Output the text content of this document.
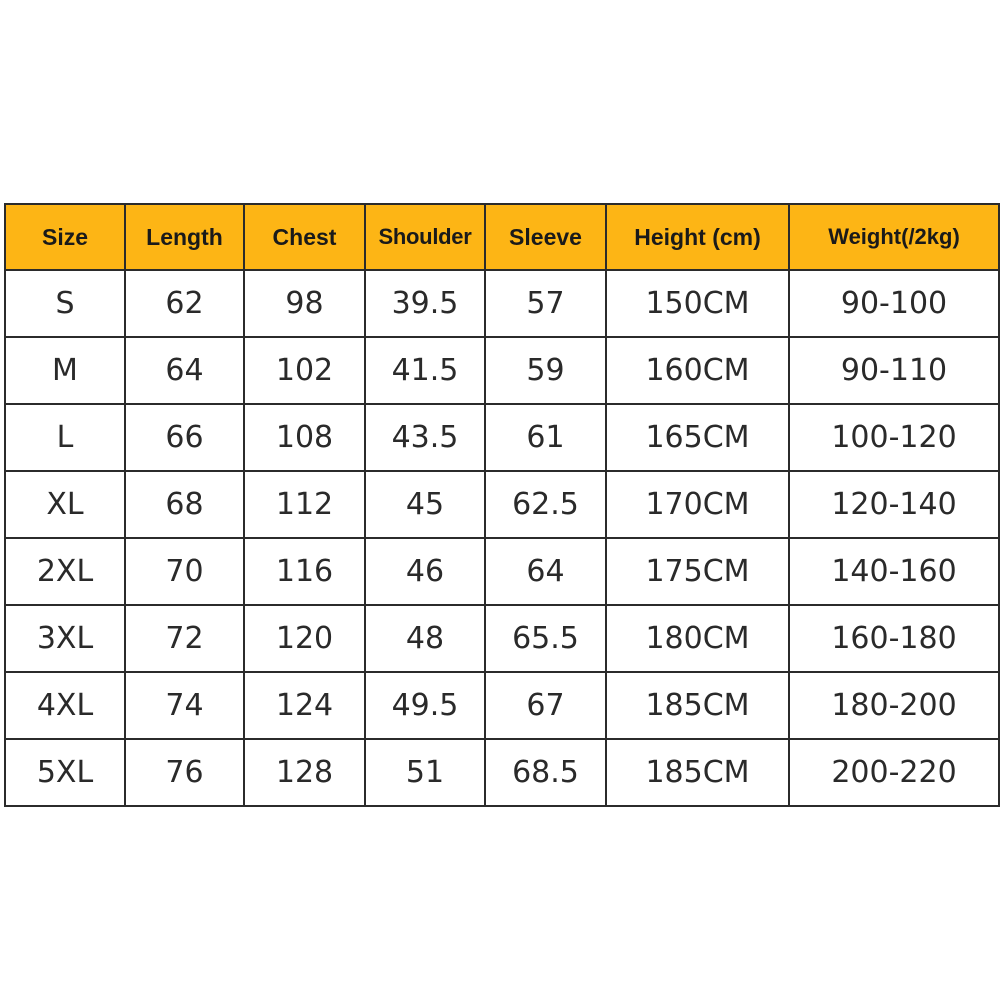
Size	Length	Chest	Shoulder	Sleeve	Height (cm)	Weight(/2kg)
S	62	98	39.5	57	150CM	90-100
M	64	102	41.5	59	160CM	90-110
L	66	108	43.5	61	165CM	100-120
XL	68	112	45	62.5	170CM	120-140
2XL	70	116	46	64	175CM	140-160
3XL	72	120	48	65.5	180CM	160-180
4XL	74	124	49.5	67	185CM	180-200
5XL	76	128	51	68.5	185CM	200-220
